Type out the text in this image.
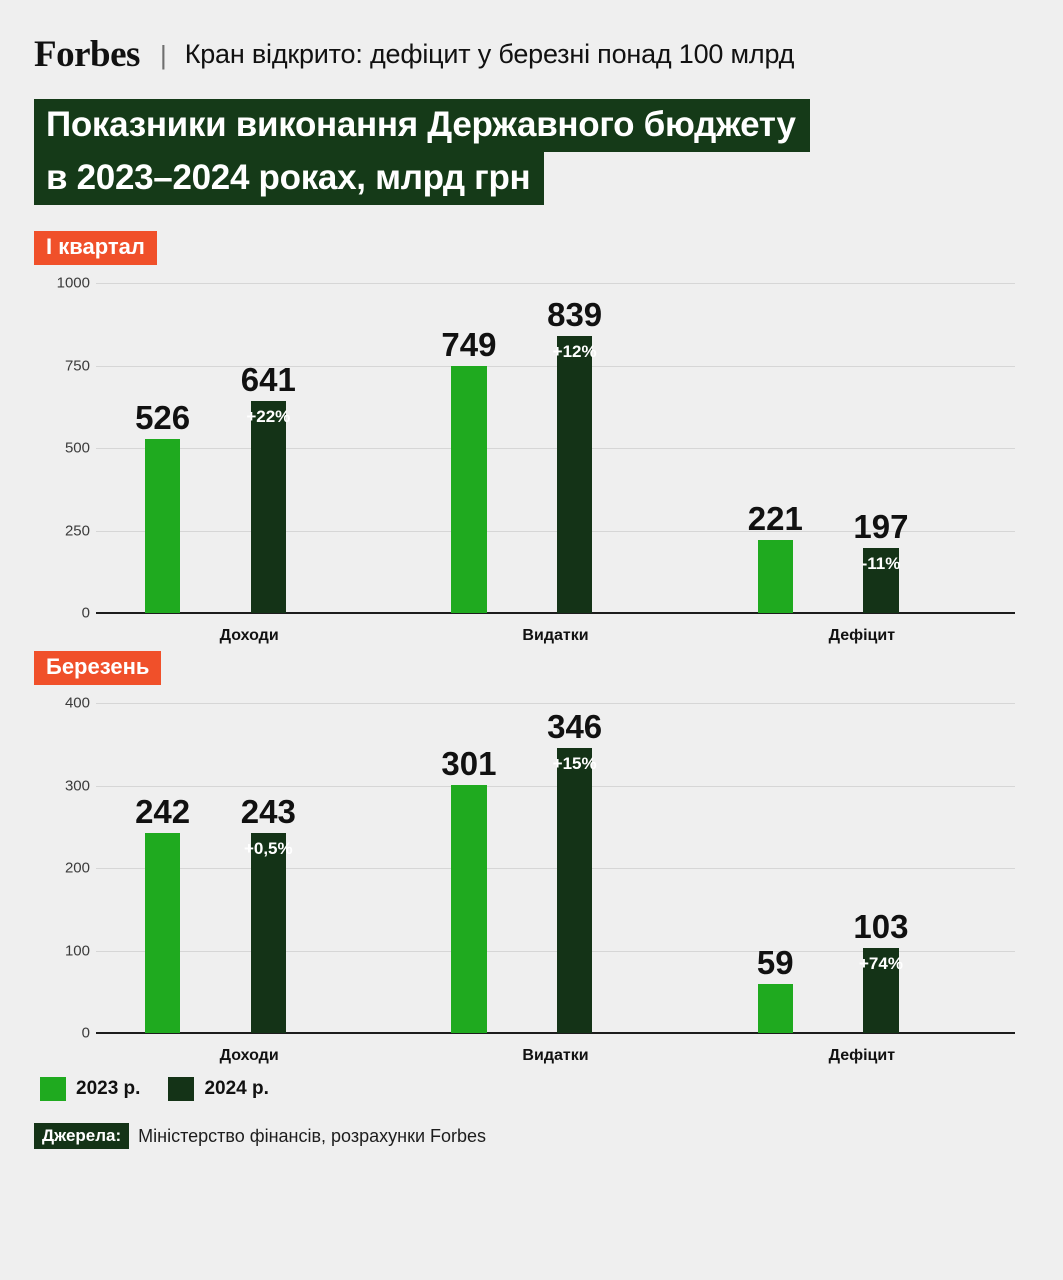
Forbes | Кран відкрито: дефіцит у березні понад 100 млрд
Показники виконання Державного бюджету
в 2023–2024 роках, млрд грн
I квартал
0
250
500
750
1000
526
641
+22%
Доходи
749
839
+12%
Видатки
221 197
-11%
Дефіцит
Березень
0
100
200
300
400
242 243
+0,5%
Доходи
301
346
+15%
Видатки
59
103
+74%
Дефіцит
2023 р.	2024 р.
Джерела: Міністерство фінансів, розрахунки Forbes
